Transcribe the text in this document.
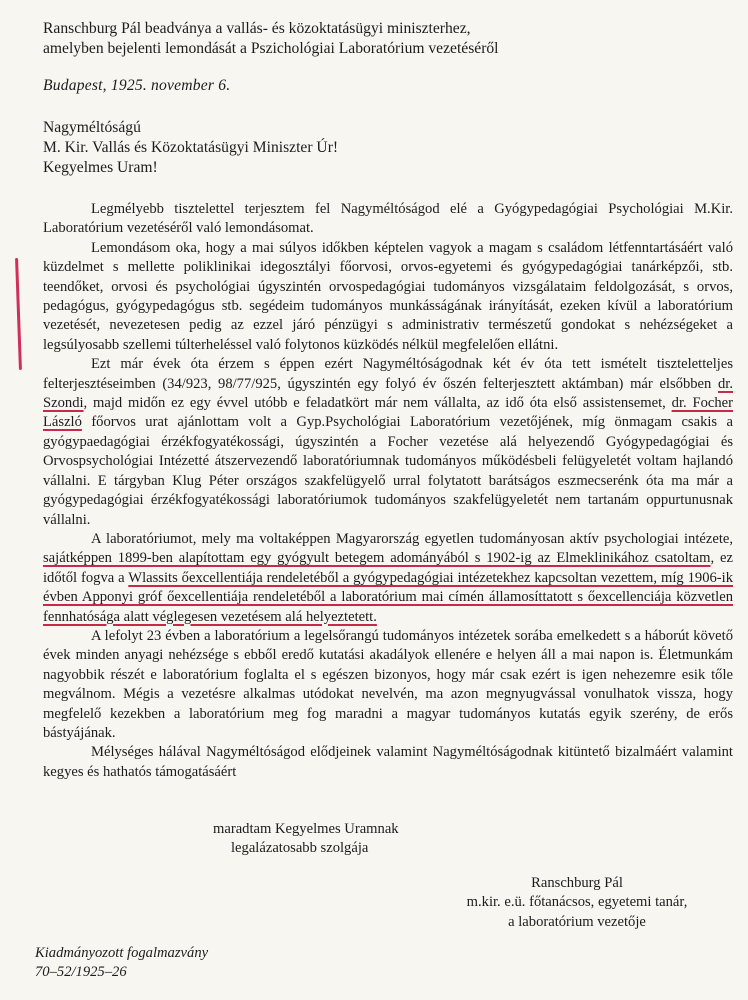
Ranschburg Pál beadványa a vallás- és közoktatásügyi miniszterhez,
amelyben bejelenti lemondását a Pszichológiai Laboratórium vezetéséről
Budapest, 1925. november 6.
Nagyméltóságú
M. Kir. Vallás és Közoktatásügyi Miniszter Úr!
Kegyelmes Uram!

Legmélyebb tisztelettel terjesztem fel Nagyméltóságod elé a Gyógypedagógiai Psychológiai M.Kir. Laboratórium vezetéséről való lemondásomat.

Lemondásom oka, hogy a mai súlyos időkben képtelen vagyok a magam s családom létfenntartásáért való küzdelmet s mellette poliklinikai idegosztályi főorvosi, orvos-egyetemi és gyógypedagógiai tanárképzői, stb. teendőket, orvosi és psychológiai úgyszintén orvospedagógiai tudományos vizsgálataim feldolgozását, s orvos, pedagógus, gyógypedagógus stb. segédeim tudományos munkásságának irányítását, ezeken kívül a laboratórium vezetését, nevezetesen pedig az ezzel járó pénzügyi s administrativ természetű gondokat s nehézségeket a legsúlyosabb szellemi túlterheléssel való folytonos küzködés nélkül megfelelően ellátni.

Ezt már évek óta érzem s éppen ezért Nagyméltóságodnak két év óta tett ismételt tiszteletteljes felterjesztéseimben (34/923, 98/77/925, úgyszintén egy folyó év őszén felterjesztett aktámban) már elsőbben dr. Szondi, majd midőn ez egy évvel utóbb e feladatkört már nem vállalta, az idő óta első assistensemet, dr. Focher László főorvos urat ajánlottam volt a Gyp.Psychológiai Laboratórium vezetőjének, míg önmagam csakis a gyógypaedagógiai érzékfogyatékossági, úgyszintén a Focher vezetése alá helyezendő Gyógypedagógiai és Orvospsychológiai Intézetté átszervezendő laboratóriumnak tudományos működésbeli felügyeletét voltam hajlandó vállalni. E tárgyban Klug Péter országos szakfelügyelő urral folytatott barátságos eszmecserénk óta ma már a gyógypedagógiai érzékfogyatékossági laboratóriumok tudományos szakfelügyeletét nem tartanám oppurtunusnak vállalni.

A laboratóriumot, mely ma voltaképpen Magyarország egyetlen tudományosan aktív psychologiai intézete, sajátképpen 1899-ben alapítottam egy gyógyult betegem adományából s 1902-ig az Elmeklinikához csatoltam, ez időtől fogva a Wlassits őexcellentiája rendeletéből a gyógypedagógiai intézetekhez kapcsoltan vezettem, míg 1906-ik évben Apponyi gróf őexcellentiája rendeletéből a laboratórium mai címén államosíttatott s őexcellenciája közvetlen fennhatósága alatt véglegesen vezetésem alá helyeztetett.

A lefolyt 23 évben a laboratórium a legelsőrangú tudományos intézetek sorába emelkedett s a háborút követő évek minden anyagi nehézsége s ebből eredő kutatási akadályok ellenére e helyen áll a mai napon is. Életmunkám nagyobbik részét e laboratórium foglalta el s egészen bizonyos, hogy már csak ezért is igen nehezemre esik tőle megválnom. Mégis a vezetésre alkalmas utódokat nevelvén, ma azon megnyugvással vonulhatok vissza, hogy megfelelő kezekben a laboratórium meg fog maradni a magyar tudományos kutatás egyik szerény, de erős bástyájának.

Mélységes hálával Nagyméltóságod elődjeinek valamint Nagyméltóságodnak kitüntető bizalmáért valamint kegyes és hathatós támogatásáért

maradtam Kegyelmes Uramnak
legalázatosabb szolgája
Ranschburg Pál
m.kir. e.ü. főtanácsos, egyetemi tanár,
a laboratórium vezetője
Kiadmányozott fogalmazvány
70–52/1925–26
